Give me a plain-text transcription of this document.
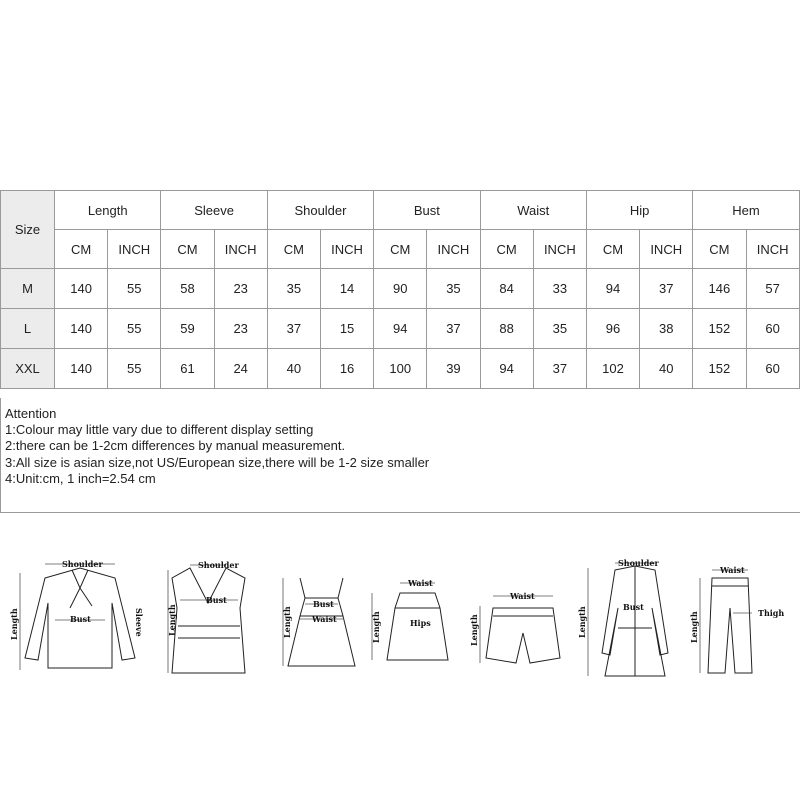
Size	Length		Sleeve		Shoulder		Bust		Waist		Hip		Hem	
	CM	INCH	CM	INCH	CM	INCH	CM	INCH	CM	INCH	CM	INCH	CM	INCH
M	140	55	58	23	35	14	90	35	84	33	94	37	146	57
L	140	55	59	23	37	15	94	37	88	35	96	38	152	60
XXL	140	55	61	24	40	16	100	39	94	37	102	40	152	60
Attention
1:Colour may little vary due to different display setting
2:there can be 1-2cm differences by manual measurement.
3:All size is asian size,not US/European size,there will be 1-2 size smaller
4:Unit:cm, 1 inch=2.54 cm
Shoulder
Bust
Length	Sleeve
Shoulder
Bust
Length
Bust
Waist
Length
Waist
Hips
Length
Waist
Length
Shoulder
Bust
Length
Waist
Thigh
Length
